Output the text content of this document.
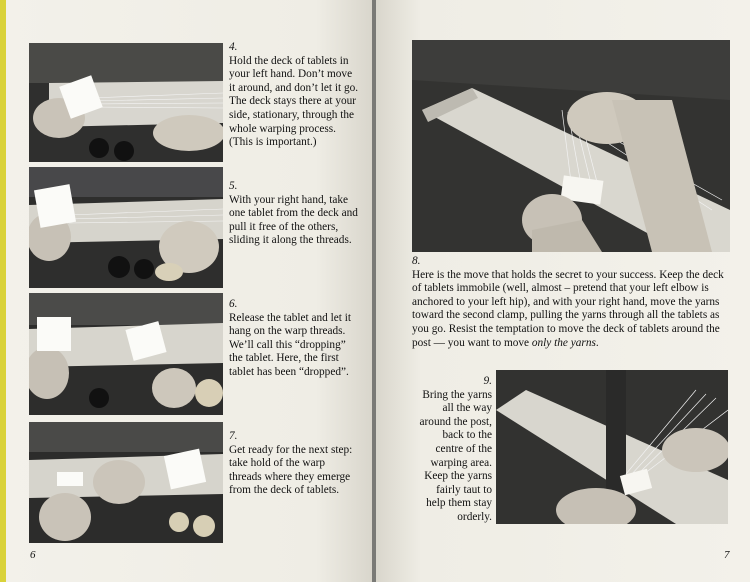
4.
Hold the deck of tablets in your left hand. Don’t move it around, and don’t let it go. The deck stays there at your side, stationary, through the whole warping process. (This is important.)
5.
With your right hand, take one tablet from the deck and pull it free of the others, sliding it along the threads.
6.
Release the tablet and let it hang on the warp threads. We’ll call this “dropping” the tablet. Here, the first tablet has been “dropped”.
7.
Get ready for the next step: take hold of the warp threads where they emerge from the deck of tablets.
6
8.
Here is the move that holds the secret to your success. Keep the deck of tablets immobile (well, almost – pretend that your left elbow is anchored to your left hip), and with your right hand, move the yarns toward the second clamp, pulling the yarns through all the tablets as you go. Resist the temptation to move the deck of tablets around the post — you want to move only the yarns.
9.
Bring the yarns all the way around the post, back to the centre of the warping area. Keep the yarns fairly taut to help them stay orderly.
7
